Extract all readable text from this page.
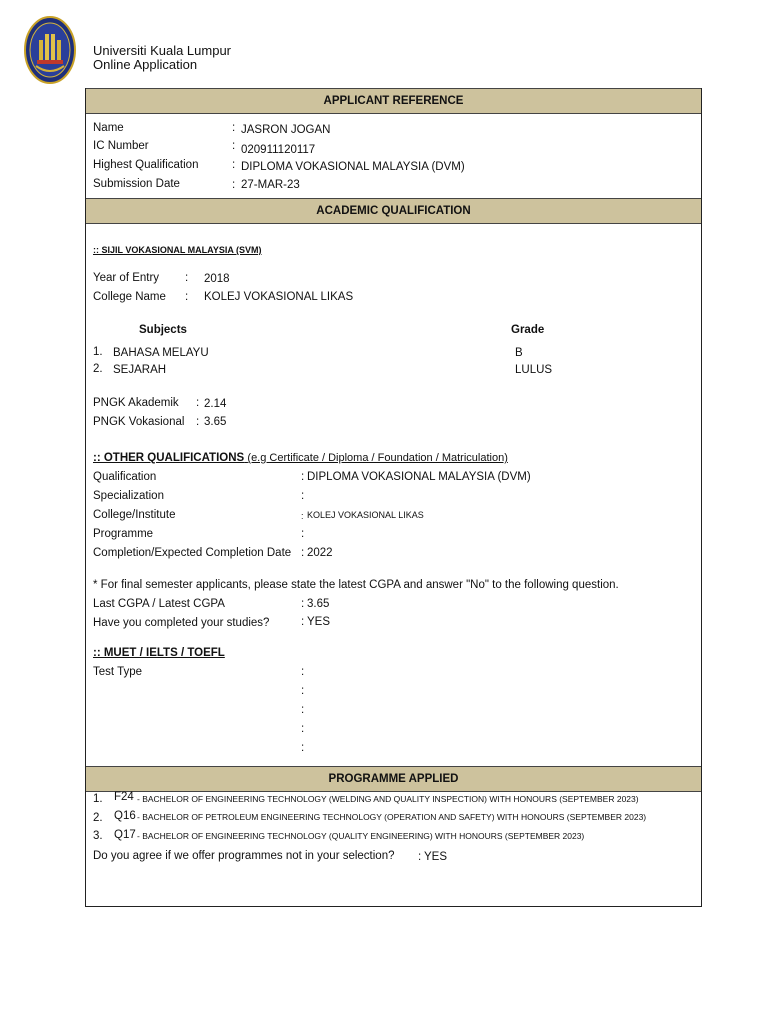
Universiti Kuala Lumpur
Online Application
APPLICANT REFERENCE
Name	: JASRON JOGAN
IC Number	: 020911120117
Highest Qualification	: DIPLOMA VOKASIONAL MALAYSIA (DVM)
Submission Date	: 27-MAR-23
ACADEMIC QUALIFICATION
:: SIJIL VOKASIONAL MALAYSIA (SVM)
Year of Entry : 2018
College Name : KOLEJ VOKASIONAL LIKAS
Subjects	Grade
1. BAHASA MELAYU	B
2. SEJARAH	LULUS
PNGK Akademik : 2.14
PNGK Vokasional : 3.65
:: OTHER QUALIFICATIONS (e.g Certificate / Diploma / Foundation / Matriculation)
Qualification	: DIPLOMA VOKASIONAL MALAYSIA (DVM)
Specialization	:
College/Institute	: KOLEJ VOKASIONAL LIKAS
Programme	:
Completion/Expected Completion Date : 2022
* For final semester applicants, please state the latest CGPA and answer "No" to the following question.
Last CGPA / Latest CGPA	: 3.65
Have you completed your studies?	: YES
:: MUET / IELTS / TOEFL
Test Type	:
:
:
:
:
PROGRAMME APPLIED
1. F24 - BACHELOR OF ENGINEERING TECHNOLOGY (WELDING AND QUALITY INSPECTION) WITH HONOURS (SEPTEMBER 2023)
2. Q16 - BACHELOR OF PETROLEUM ENGINEERING TECHNOLOGY (OPERATION AND SAFETY) WITH HONOURS (SEPTEMBER 2023)
3. Q17 - BACHELOR OF ENGINEERING TECHNOLOGY (QUALITY ENGINEERING) WITH HONOURS (SEPTEMBER 2023)
Do you agree if we offer programmes not in your selection? : YES
